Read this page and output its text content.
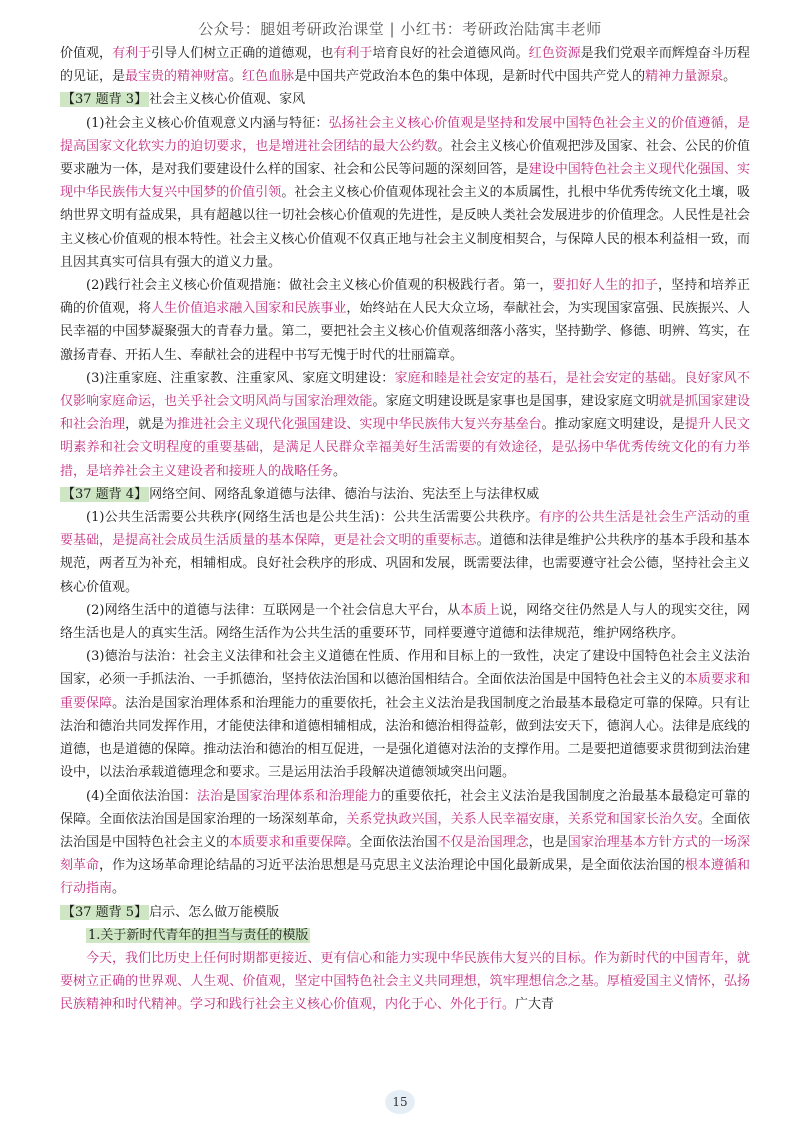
公众号：腿姐考研政治课堂 | 小红书：考研政治陆寓丰老师

价值观，有利于引导人们树立正确的道德观，也有利于培育良好的社会道德风尚。红色资源是我们党艰辛而辉煌奋斗历程的见证，是最宝贵的精神财富。红色血脉是中国共产党政治本色的集中体现，是新时代中国共产党人的精神力量源泉。

【37 题背 3】 社会主义核心价值观、家风

(1)社会主义核心价值观意义内涵与特征：弘扬社会主义核心价值观是坚持和发展中国特色社会主义的价值遵循，是提高国家文化软实力的迫切要求，也是增进社会团结的最大公约数。社会主义核心价值观把涉及国家、社会、公民的价值要求融为一体，是对我们要建设什么样的国家、社会和公民等问题的深刻回答，是建设中国特色社会主义现代化强国、实现中华民族伟大复兴中国梦的价值引领。社会主义核心价值观体现社会主义的本质属性，扎根中华优秀传统文化土壤，吸纳世界文明有益成果，具有超越以往一切社会核心价值观的先进性，是反映人类社会发展进步的价值理念。人民性是社会主义核心价值观的根本特性。社会主义核心价值观不仅真正地与社会主义制度相契合，与保障人民的根本利益相一致，而且因其真实可信具有强大的道义力量。

(2)践行社会主义核心价值观措施：做社会主义核心价值观的积极践行者。第一，要扣好人生的扣子，坚持和培养正确的价值观，将人生价值追求融入国家和民族事业，始终站在人民大众立场，奉献社会，为实现国家富强、民族振兴、人民幸福的中国梦凝聚强大的青春力量。第二，要把社会主义核心价值观落细落小落实，坚持勤学、修德、明辨、笃实，在激扬青春、开拓人生、奉献社会的进程中书写无愧于时代的壮丽篇章。

(3)注重家庭、注重家教、注重家风、家庭文明建设：家庭和睦是社会安定的基石，是社会安定的基础。良好家风不仅影响家庭命运，也关乎社会文明风尚与国家治理效能。家庭文明建设既是家事也是国事，建设家庭文明就是抓国家建设和社会治理，就是为推进社会主义现代化强国建设、实现中华民族伟大复兴夯基垒台。推动家庭文明建设，是提升人民文明素养和社会文明程度的重要基础，是满足人民群众幸福美好生活需要的有效途径，是弘扬中华优秀传统文化的有力举措，是培养社会主义建设者和接班人的战略任务。

【37 题背 4】 网络空间、网络乱象道德与法律、德治与法治、宪法至上与法律权威

(1)公共生活需要公共秩序(网络生活也是公共生活)：公共生活需要公共秩序。有序的公共生活是社会生产活动的重要基础，是提高社会成员生活质量的基本保障，更是社会文明的重要标志。道德和法律是维护公共秩序的基本手段和基本规范，两者互为补充，相辅相成。良好社会秩序的形成、巩固和发展，既需要法律，也需要遵守社会公德，坚持社会主义核心价值观。

(2)网络生活中的道德与法律：互联网是一个社会信息大平台，从本质上说，网络交往仍然是人与人的现实交往，网络生活也是人的真实生活。网络生活作为公共生活的重要环节，同样要遵守道德和法律规范，维护网络秩序。

(3)德治与法治：社会主义法律和社会主义道德在性质、作用和目标上的一致性，决定了建设中国特色社会主义法治国家，必须一手抓法治、一手抓德治，坚持依法治国和以德治国相结合。全面依法治国是中国特色社会主义的本质要求和重要保障。法治是国家治理体系和治理能力的重要依托，社会主义法治是我国制度之治最基本最稳定可靠的保障。只有让法治和德治共同发挥作用，才能使法律和道德相辅相成，法治和德治相得益彰，做到法安天下，德润人心。法律是底线的道德，也是道德的保障。推动法治和德治的相互促进，一是强化道德对法治的支撑作用。二是要把道德要求贯彻到法治建设中，以法治承载道德理念和要求。三是运用法治手段解决道德领域突出问题。

(4)全面依法治国：法治是国家治理体系和治理能力的重要依托，社会主义法治是我国制度之治最基本最稳定可靠的保障。全面依法治国是国家治理的一场深刻革命，关系党执政兴国，关系人民幸福安康，关系党和国家长治久安。全面依法治国是中国特色社会主义的本质要求和重要保障。全面依法治国不仅是治国理念，也是国家治理基本方针方式的一场深刻革命，作为这场革命理论结晶的习近平法治思想是马克思主义法治理论中国化最新成果，是全面依法治国的根本遵循和行动指南。

【37 题背 5】 启示、怎么做万能模版

1.关于新时代青年的担当与责任的模版

今天，我们比历史上任何时期都更接近、更有信心和能力实现中华民族伟大复兴的目标。作为新时代的中国青年，就要树立正确的世界观、人生观、价值观，坚定中国特色社会主义共同理想，筑牢理想信念之基。厚植爱国主义情怀，弘扬民族精神和时代精神。学习和践行社会主义核心价值观，内化于心、外化于行。广大青

15
